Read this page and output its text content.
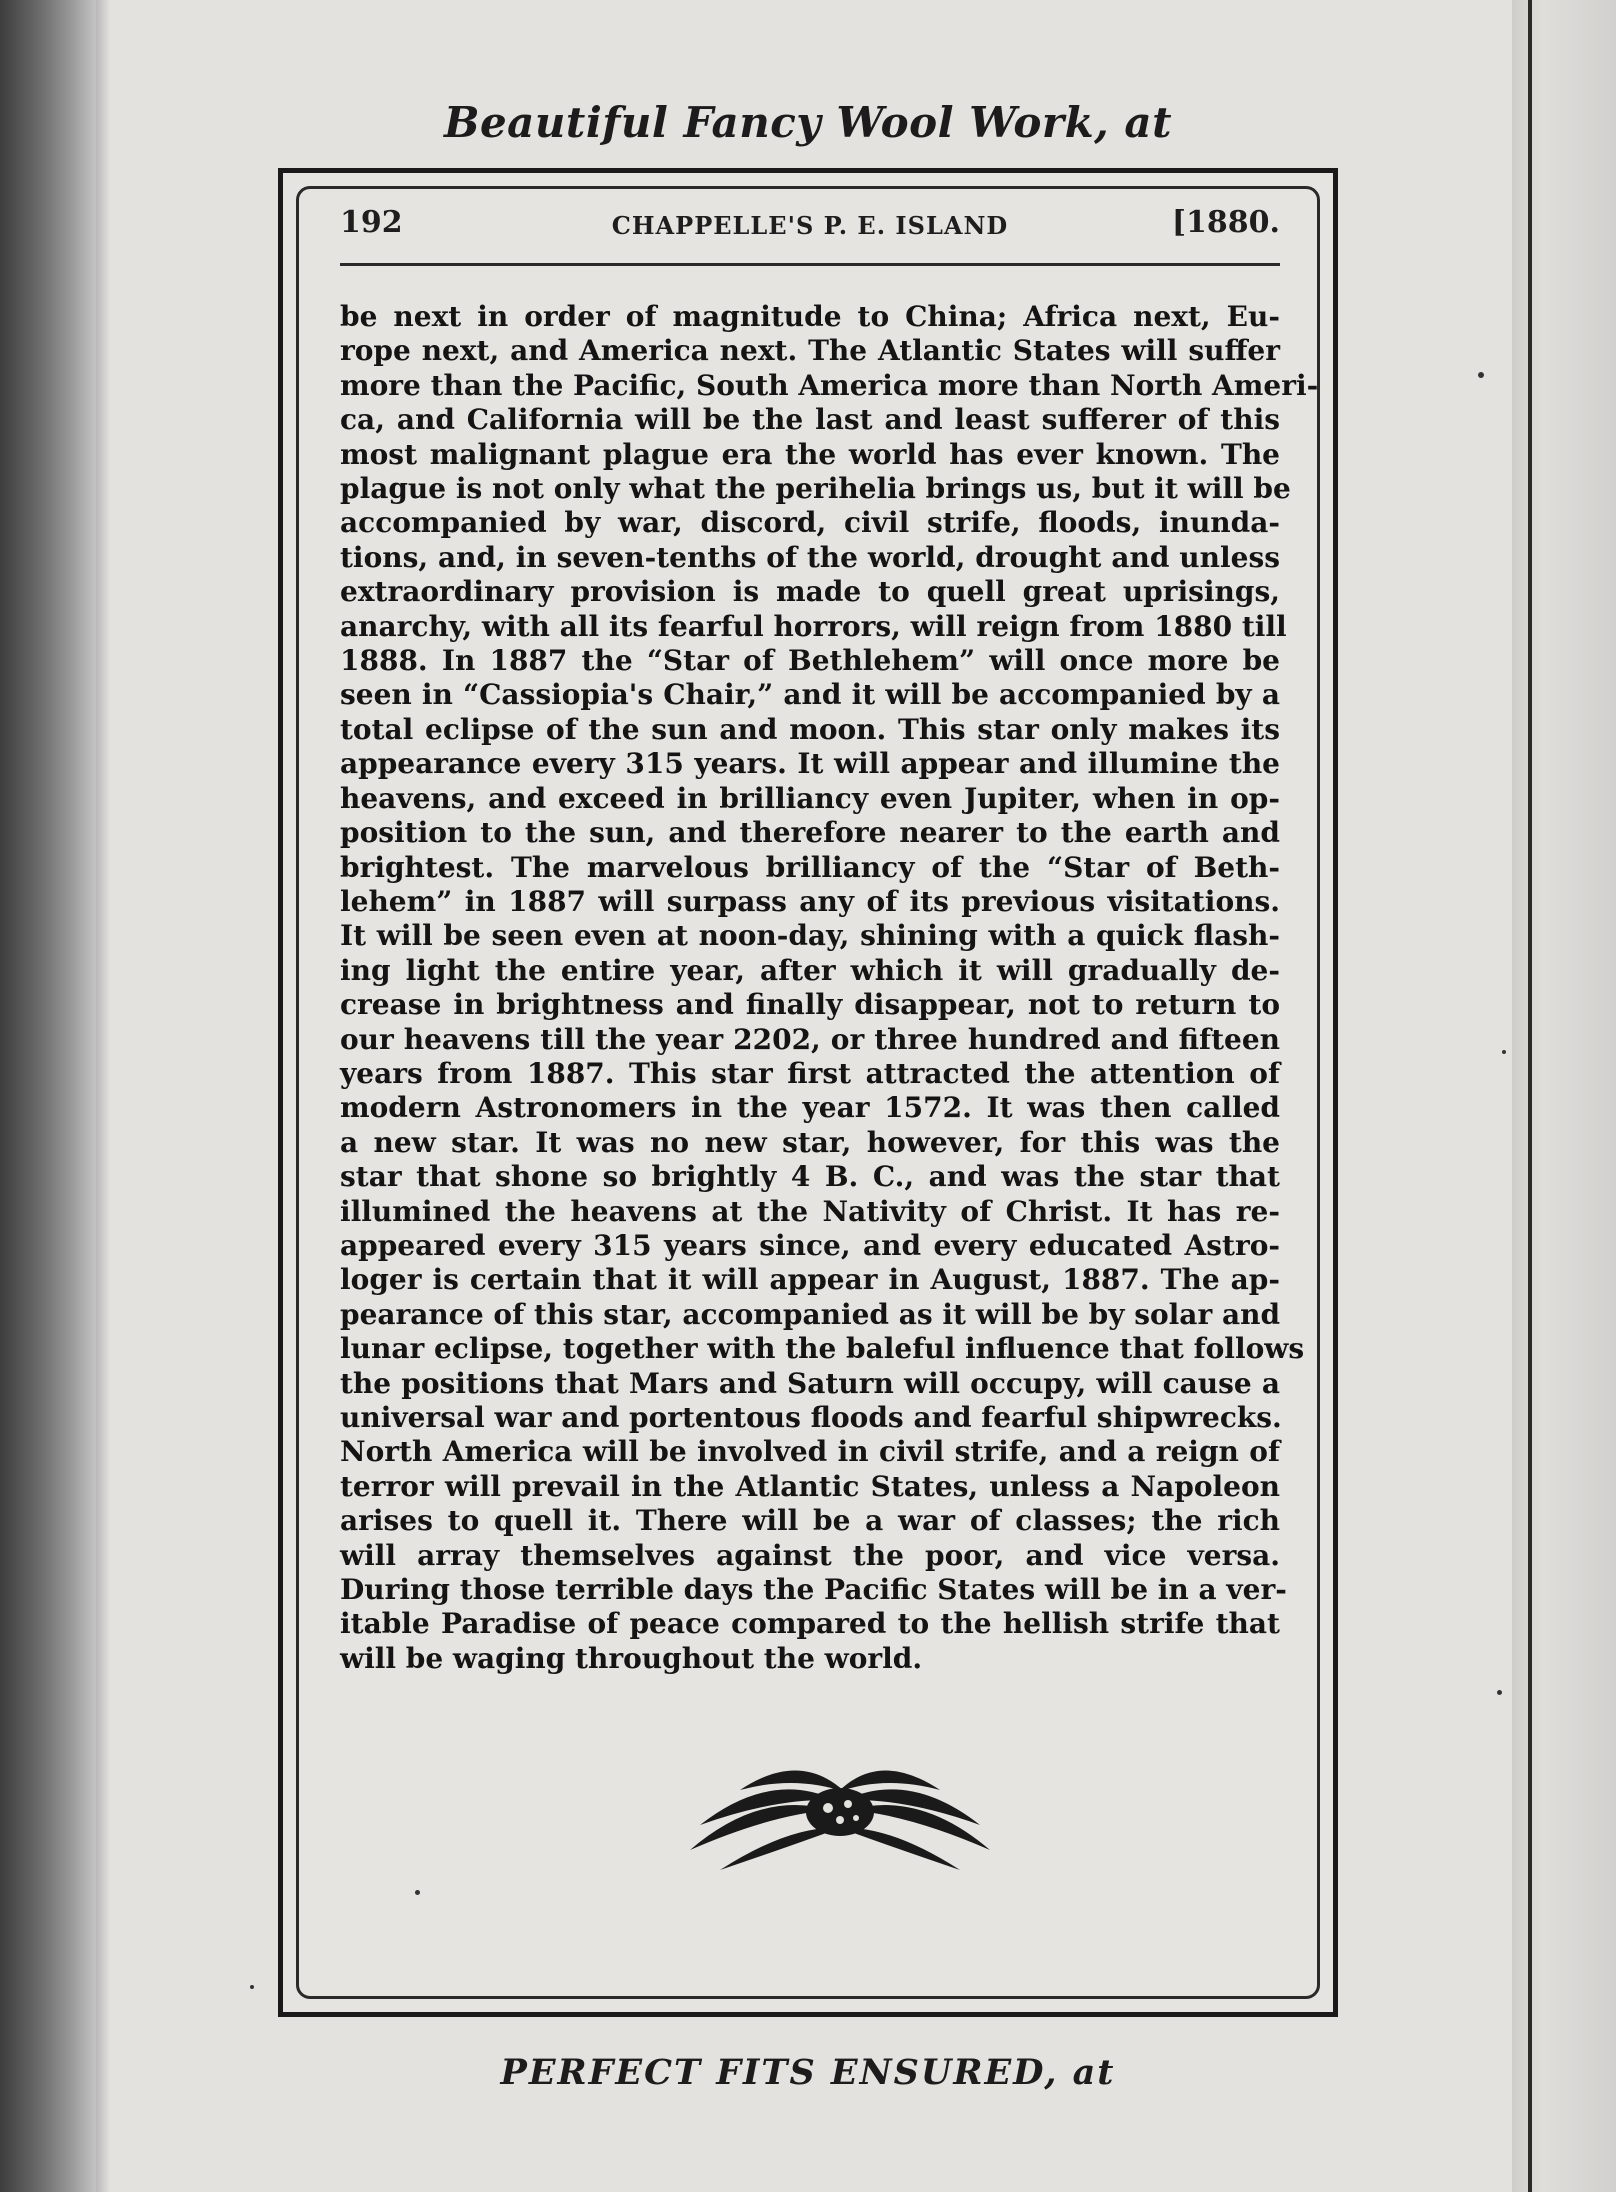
Beautiful Fancy Wool Work, at
192	CHAPPELLE'S P. E. ISLAND	[1880.
be next in order of magnitude to China; Africa next, Eu-
rope next, and America next. The Atlantic States will suffer
more than the Pacific, South America more than North Ameri-
ca, and California will be the last and least sufferer of this
most malignant plague era the world has ever known. The
plague is not only what the perihelia brings us, but it will be
accompanied by war, discord, civil strife, floods, inunda-
tions, and, in seven-tenths of the world, drought and unless
extraordinary provision is made to quell great uprisings,
anarchy, with all its fearful horrors, will reign from 1880 till
1888. In 1887 the “Star of Bethlehem” will once more be
seen in “Cassiopia's Chair,” and it will be accompanied by a
total eclipse of the sun and moon. This star only makes its
appearance every 315 years. It will appear and illumine the
heavens, and exceed in brilliancy even Jupiter, when in op-
position to the sun, and therefore nearer to the earth and
brightest. The marvelous brilliancy of the “Star of Beth-
lehem” in 1887 will surpass any of its previous visitations.
It will be seen even at noon-day, shining with a quick flash-
ing light the entire year, after which it will gradually de-
crease in brightness and finally disappear, not to return to
our heavens till the year 2202, or three hundred and fifteen
years from 1887. This star first attracted the attention of
modern Astronomers in the year 1572. It was then called
a new star. It was no new star, however, for this was the
star that shone so brightly 4 B. C., and was the star that
illumined the heavens at the Nativity of Christ. It has re-
appeared every 315 years since, and every educated Astro-
loger is certain that it will appear in August, 1887. The ap-
pearance of this star, accompanied as it will be by solar and
lunar eclipse, together with the baleful influence that follows
the positions that Mars and Saturn will occupy, will cause a
universal war and portentous floods and fearful shipwrecks.
North America will be involved in civil strife, and a reign of
terror will prevail in the Atlantic States, unless a Napoleon
arises to quell it. There will be a war of classes; the rich
will array themselves against the poor, and vice versa.
During those terrible days the Pacific States will be in a ver-
itable Paradise of peace compared to the hellish strife that
will be waging throughout the world.
PERFECT FITS ENSURED, at
